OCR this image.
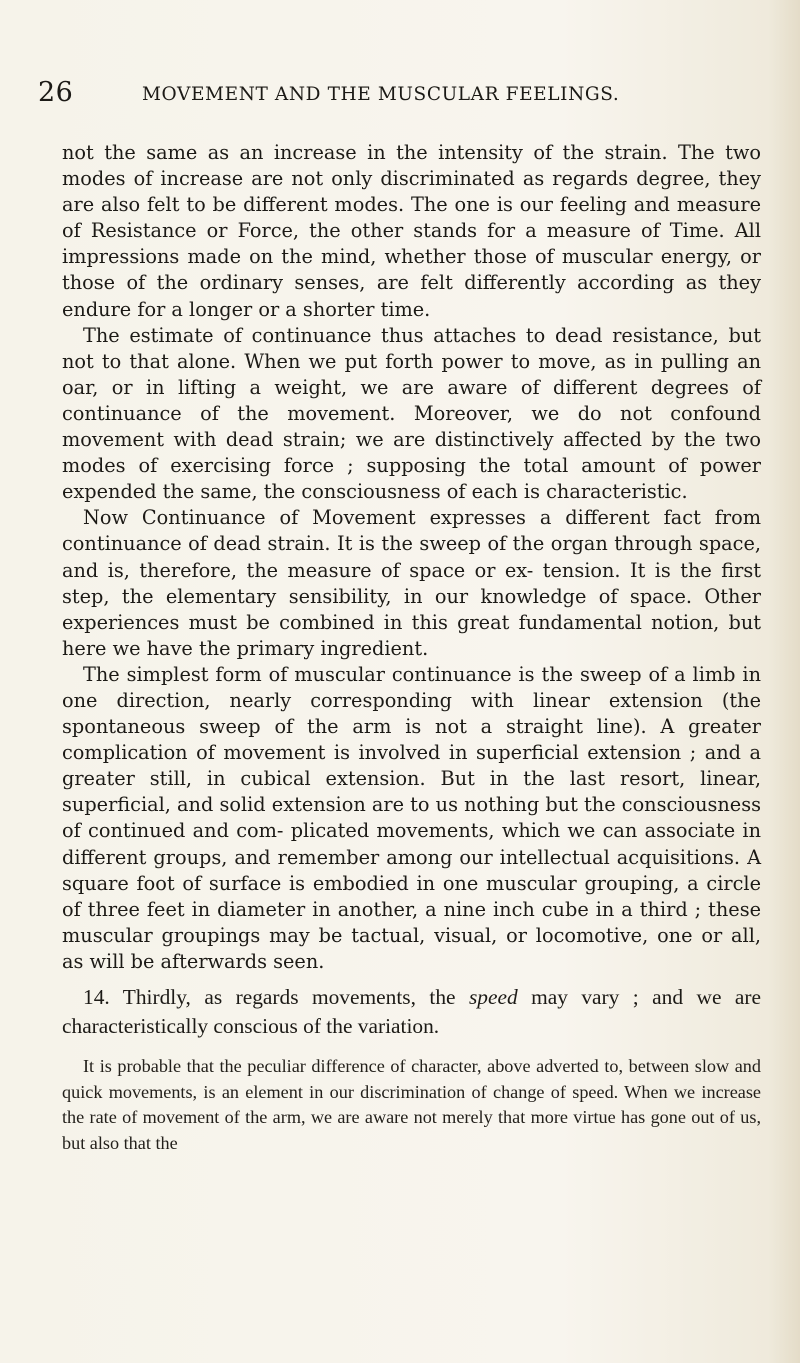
26	MOVEMENT AND THE MUSCULAR FEELINGS.

not the same as an increase in the intensity of the strain. The two modes of increase are not only discriminated as regards degree, they are also felt to be different modes. The one is our feeling and measure of Resistance or Force, the other stands for a measure of Time. All impressions made on the mind, whether those of muscular energy, or those of the ordinary senses, are felt differently according as they endure for a longer or a shorter time.

The estimate of continuance thus attaches to dead resistance, but not to that alone. When we put forth power to move, as in pulling an oar, or in lifting a weight, we are aware of different degrees of continuance of the movement. Moreover, we do not confound movement with dead strain; we are distinctively affected by the two modes of exercising force ; supposing the total amount of power expended the same, the consciousness of each is characteristic.

Now Continuance of Movement expresses a different fact from continuance of dead strain. It is the sweep of the organ through space, and is, therefore, the measure of space or ex- tension. It is the first step, the elementary sensibility, in our knowledge of space. Other experiences must be combined in this great fundamental notion, but here we have the primary ingredient.

The simplest form of muscular continuance is the sweep of a limb in one direction, nearly corresponding with linear extension (the spontaneous sweep of the arm is not a straight line). A greater complication of movement is involved in superficial extension ; and a greater still, in cubical extension. But in the last resort, linear, superficial, and solid extension are to us nothing but the consciousness of continued and com- plicated movements, which we can associate in different groups, and remember among our intellectual acquisitions. A square foot of surface is embodied in one muscular grouping, a circle of three feet in diameter in another, a nine inch cube in a third ; these muscular groupings may be tactual, visual, or locomotive, one or all, as will be afterwards seen.

14. Thirdly, as regards movements, the speed may vary ; and we are characteristically conscious of the variation.

It is probable that the peculiar difference of character, above adverted to, between slow and quick movements, is an element in our discrimination of change of speed. When we increase the rate of movement of the arm, we are aware not merely that more virtue has gone out of us, but also that the
